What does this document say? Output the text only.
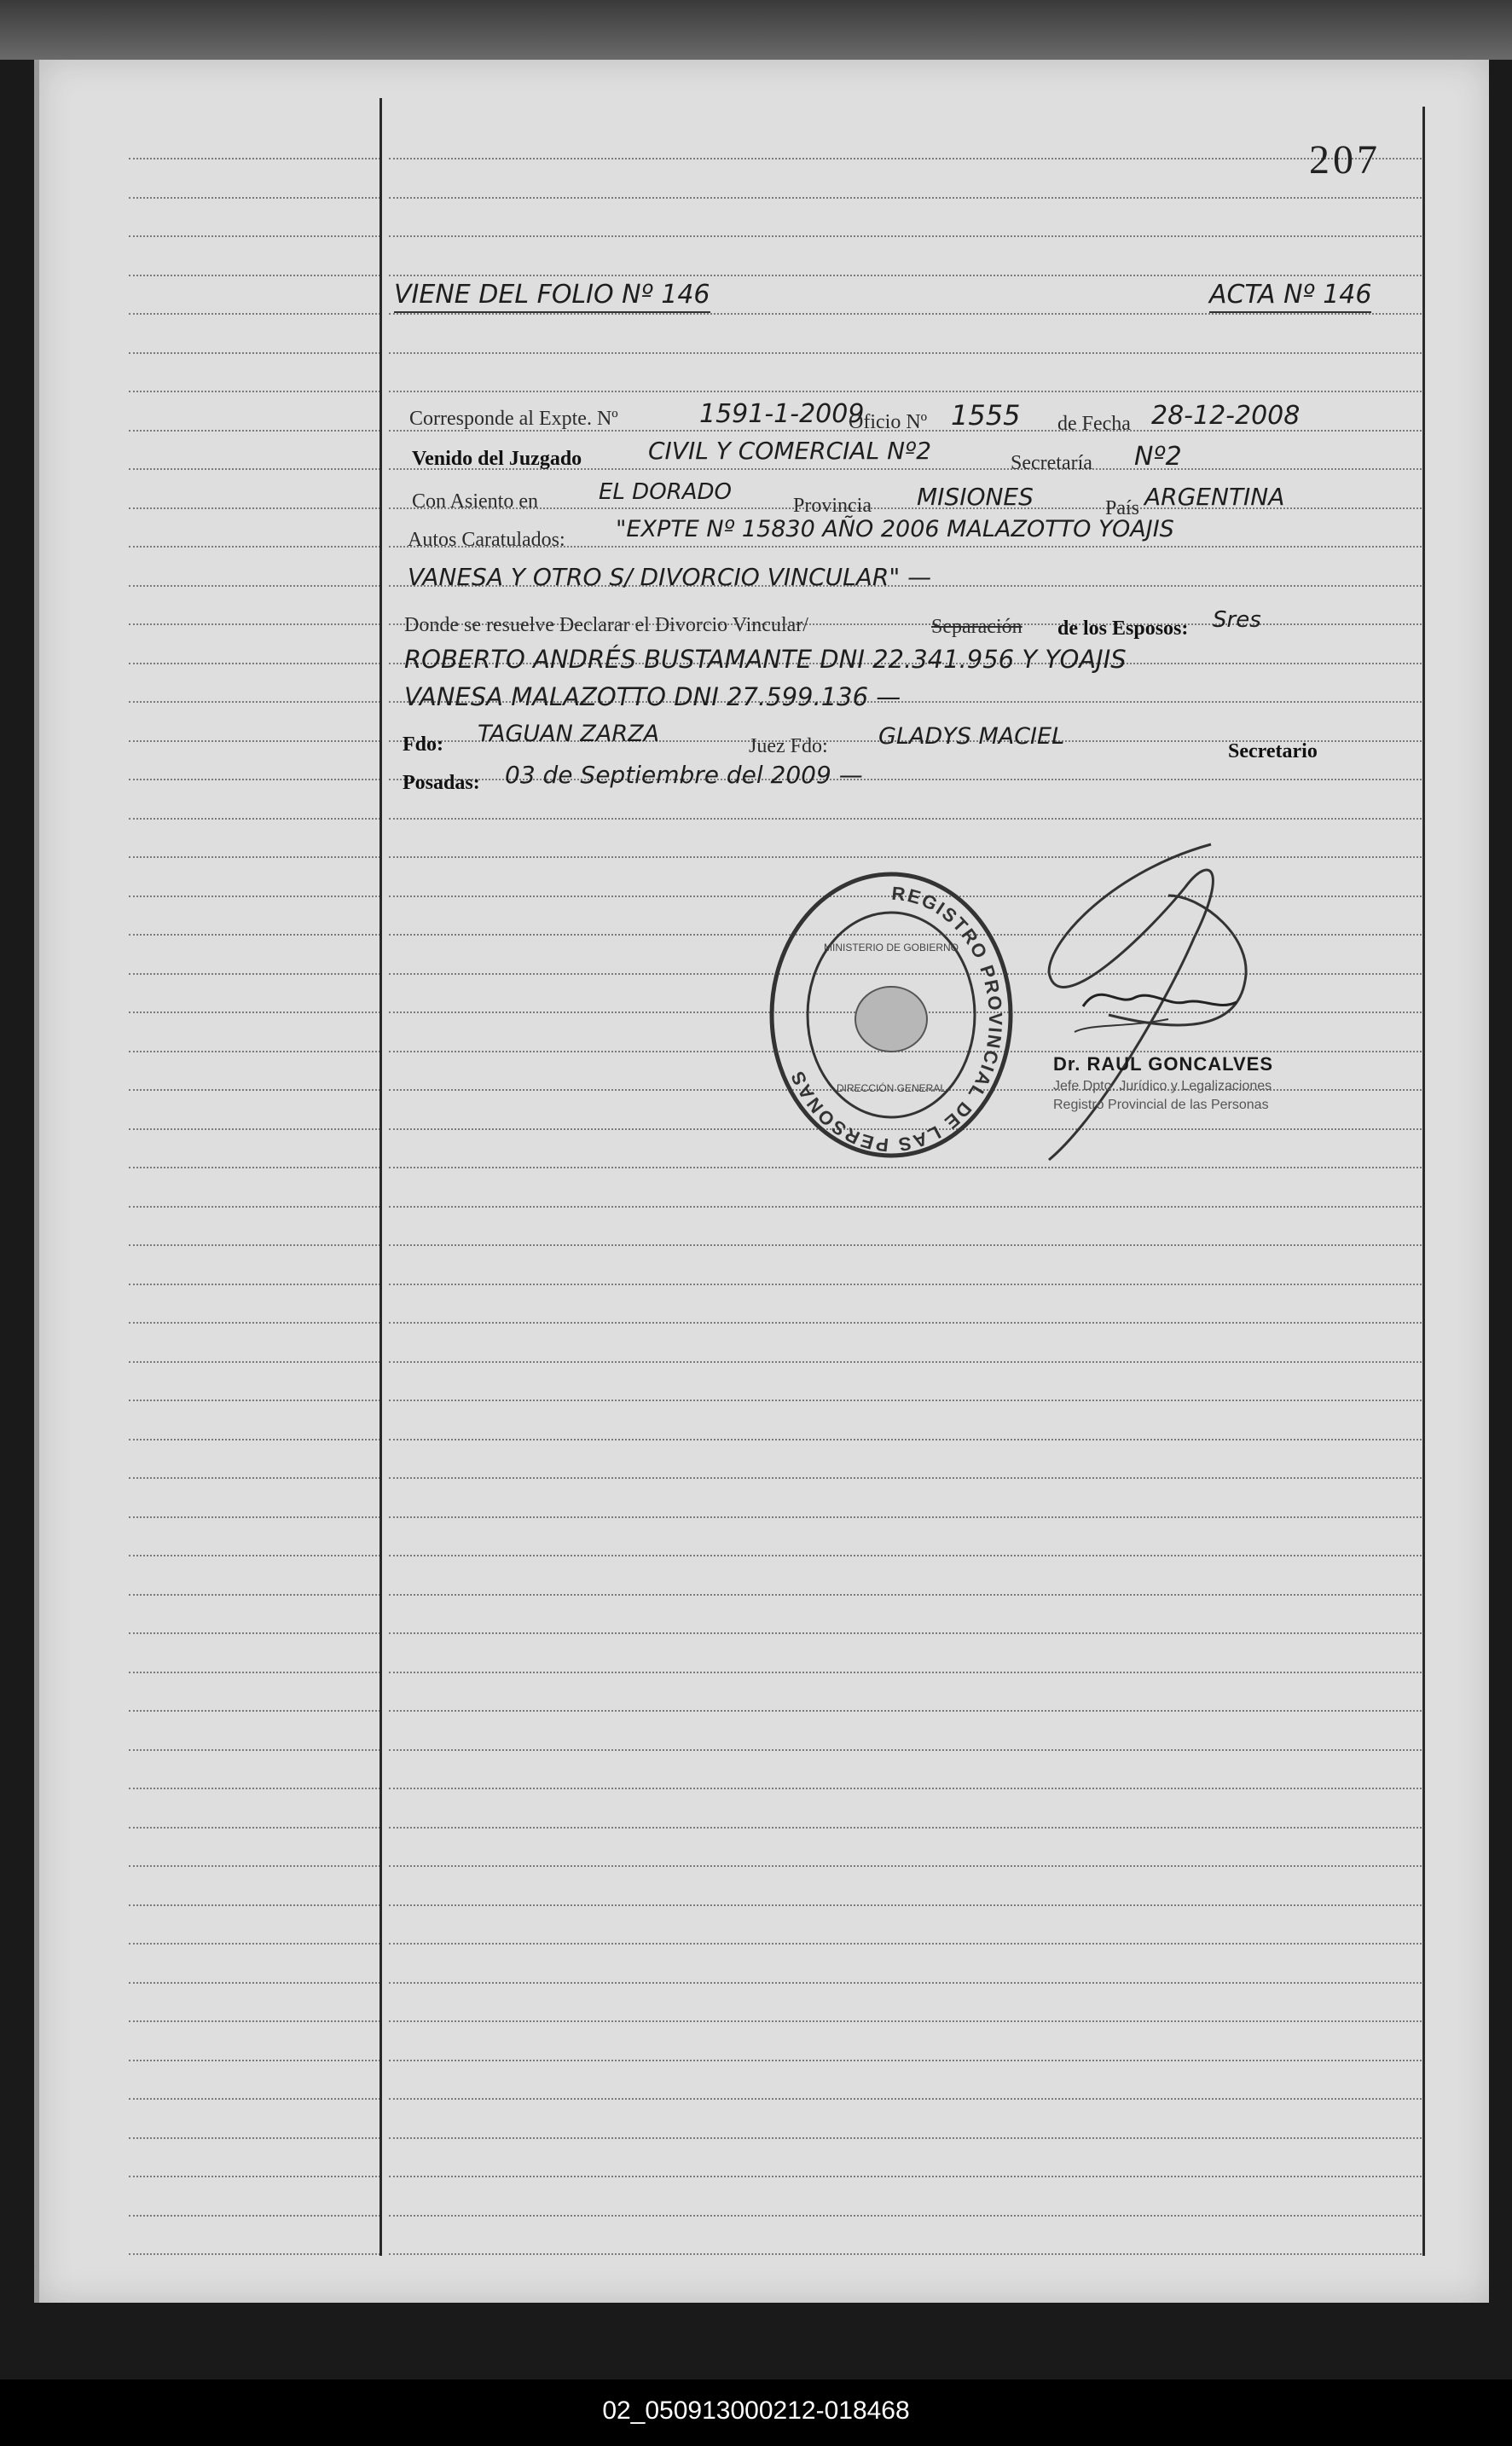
207
VIENE DEL FOLIO Nº 146	ACTA Nº 146
Corresponde al Expte. Nº	1591-1-2009
Oficio Nº 1555 de Fecha 28-12-2008
Venido del Juzgado	CIVIL Y COMERCIAL Nº2	Secretaría Nº2
Con Asiento en	EL DORADO
Provincia MISIONES	País ARGENTINA
Autos Caratulados: "EXPTE Nº 15830 AÑO 2006 MALAZOTTO YOAJIS
VANESA Y OTRO S/ DIVORCIO VINCULAR" —
Donde se resuelve Declarar el Divorcio Vincular/	Separación de los Esposos: Sres
ROBERTO ANDRÉS BUSTAMANTE DNI 22.341.956 Y YOAJIS
VANESA MALAZOTTO DNI 27.599.136 —
Fdo: TAGUAN ZARZA	Juez Fdo: GLADYS MACIEL
Secretario
Posadas: 03 de Septiembre del 2009 —
REGISTRO PROVINCIAL DE LAS PERSONAS
MINISTERIO DE GOBIERNO
DIRECCIÓN GENERAL
Dr. RAUL GONCALVES
Jefe Dpto. Jurídico y Legalizaciones
Registro Provincial de las Personas
02_050913000212-018468
